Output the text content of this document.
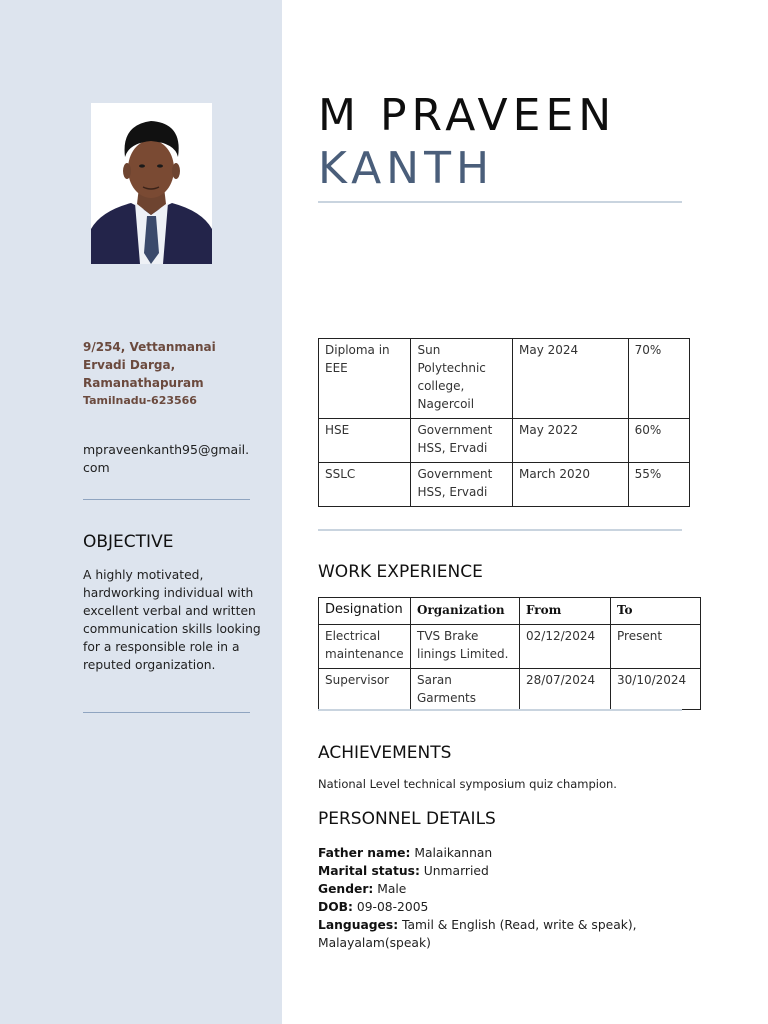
9/254, Vettanmanai
Ervadi Darga,
Ramanathapuram
Tamilnadu-623566
mpraveenkanth95@gmail.com
OBJECTIVE
A highly motivated, hardworking individual with excellent verbal and written communication skills looking for a responsible role in a reputed organization.
M PRAVEEN
KANTH
Diploma in EEE	Sun Polytechnic college, Nagercoil	May 2024	70%
HSE	Government HSS, Ervadi	May 2022	60%
SSLC	Government HSS, Ervadi	March 2020	55%
WORK EXPERIENCE
Designation	Organization	From	To
Electrical maintenance	TVS Brake linings Limited.	02/12/2024	Present
Supervisor	Saran Garments	28/07/2024	30/10/2024
ACHIEVEMENTS
National Level technical symposium quiz champion.
PERSONNEL DETAILS
Father name: Malaikannan
Marital status: Unmarried
Gender: Male
DOB: 09-08-2005
Languages: Tamil & English (Read, write & speak), Malayalam(speak)
